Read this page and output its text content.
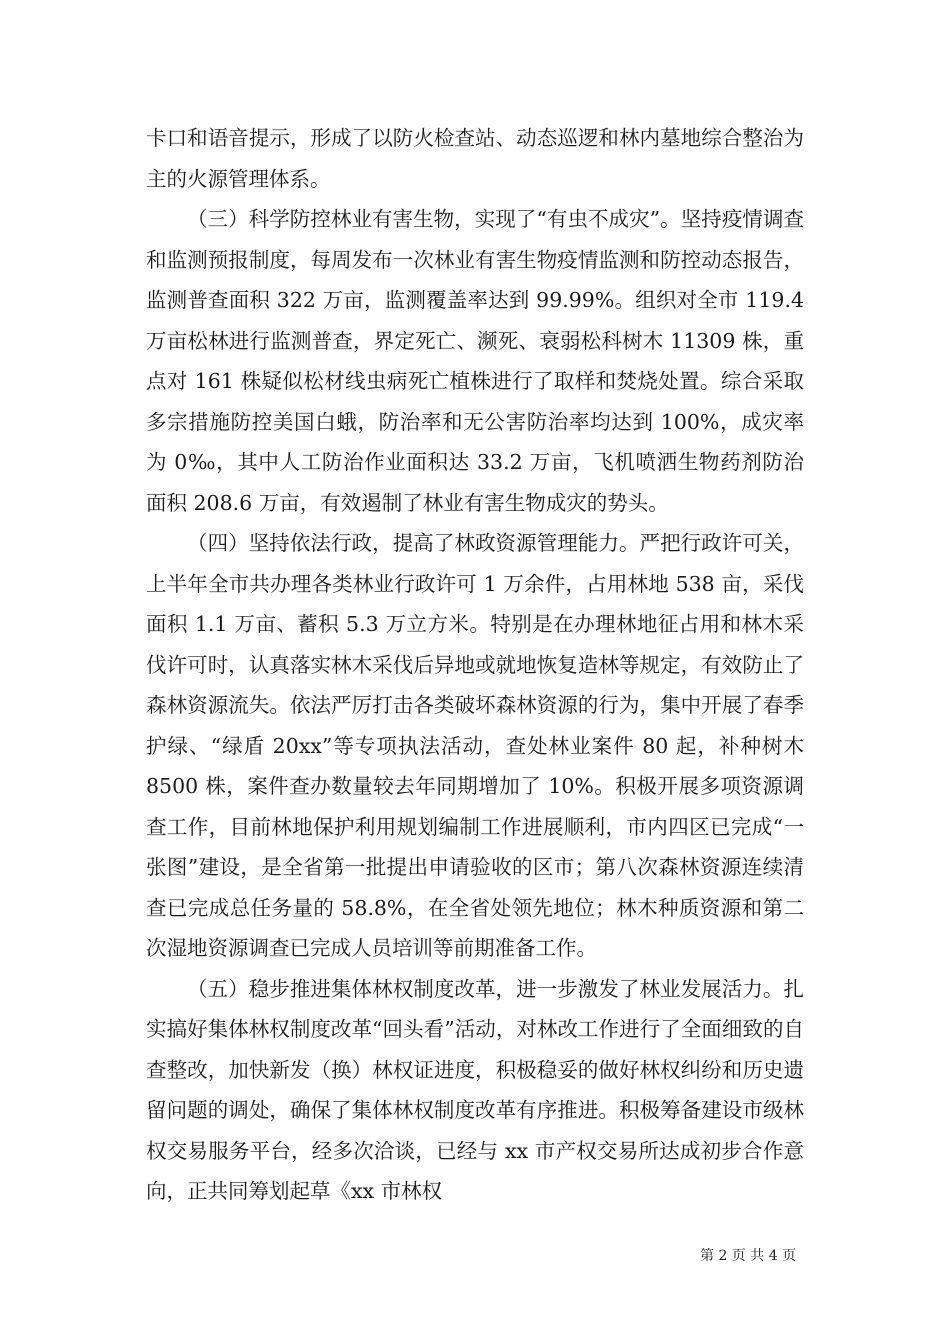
卡口和语音提示，形成了以防火检查站、动态巡逻和林内墓地综合整治为主的火源管理体系。

（三）科学防控林业有害生物，实现了“有虫不成灾”。坚持疫情调查和监测预报制度，每周发布一次林业有害生物疫情监测和防控动态报告，监测普查面积 322 万亩，监测覆盖率达到 99.99%。组织对全市 119.4 万亩松林进行监测普查，界定死亡、濒死、衰弱松科树木 11309 株，重点对 161 株疑似松材线虫病死亡植株进行了取样和焚烧处置。综合采取多宗措施防控美国白蛾，防治率和无公害防治率均达到 100%，成灾率为 0‰，其中人工防治作业面积达 33.2 万亩，飞机喷洒生物药剂防治面积 208.6 万亩，有效遏制了林业有害生物成灾的势头。

（四）坚持依法行政，提高了林政资源管理能力。严把行政许可关，上半年全市共办理各类林业行政许可 1 万余件，占用林地 538 亩，采伐面积 1.1 万亩、蓄积 5.3 万立方米。特别是在办理林地征占用和林木采伐许可时，认真落实林木采伐后异地或就地恢复造林等规定，有效防止了森林资源流失。依法严厉打击各类破坏森林资源的行为，集中开展了春季护绿、“绿盾 20xx”等专项执法活动，查处林业案件 80 起，补种树木 8500 株，案件查办数量较去年同期增加了 10%。积极开展多项资源调查工作，目前林地保护利用规划编制工作进展顺利，市内四区已完成“一张图”建设，是全省第一批提出申请验收的区市；第八次森林资源连续清查已完成总任务量的 58.8%，在全省处领先地位；林木种质资源和第二次湿地资源调查已完成人员培训等前期准备工作。

（五）稳步推进集体林权制度改革，进一步激发了林业发展活力。扎实搞好集体林权制度改革“回头看”活动，对林改工作进行了全面细致的自查整改，加快新发（换）林权证进度，积极稳妥的做好林权纠纷和历史遗留问题的调处，确保了集体林权制度改革有序推进。积极筹备建设市级林权交易服务平台，经多次洽谈，已经与 xx 市产权交易所达成初步合作意向，正共同筹划起草《xx 市林权

第 2 页 共 4 页
